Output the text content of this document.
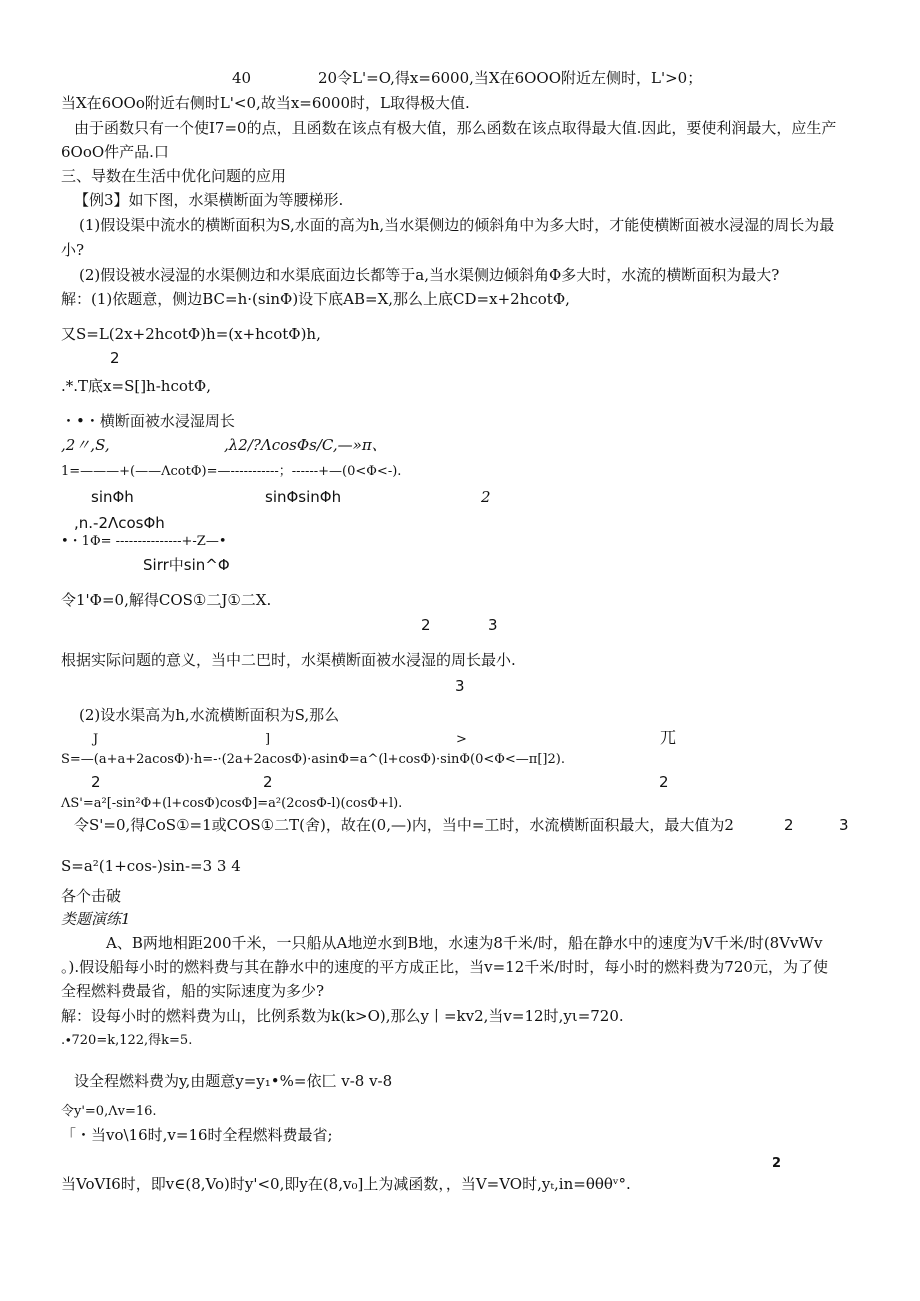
40	20令L'=O,得x=6000,当X在6OOO附近左侧时，L'>0；
当X在6OOo附近右侧时L'<0,故当x=6000时，L取得极大值.
由于函数只有一个使I7=0的点，且函数在该点有极大值，那么函数在该点取得最大值.因此，要使利润最大，应生产
6OoO件产品.口
三、导数在生活中优化问题的应用
【例3】如下图，水渠横断面为等腰梯形.
(1)假设渠中流水的横断面积为S,水面的高为h,当水渠侧边的倾斜角中为多大时，才能使横断面被水浸湿的周长为最
小?
(2)假设被水浸湿的水渠侧边和水渠底面边长都等于a,当水渠侧边倾斜角Φ多大时，水流的横断面积为最大?
解：(1)依题意，侧边BC=h·(sinΦ)设下底AB=X,那么上底CD=x+2hcotΦ,
又S=L(2x+2hcotΦ)h=(x+hcotΦ)h,
2
.*.T底x=S[]h-hcotΦ,
・•・横断面被水浸湿周长
,2〃,S,	,λ2∕?ΛcosΦs/C,—»π、
1=———+(——ΛcotΦ)=—-----------；------+—(0<Φ<-).
sinΦh	sinΦsinΦh	2
,n.-2ΛcosΦh
•・1Φ= ---------------+-Z—•
Sirr中sin^Φ
令1'Φ=0,解得COS①二J①二X.
2	3
根据实际问题的意义，当中二巴时，水渠横断面被水浸湿的周长最小.
3
(2)设水渠高为h,水流横断面积为S,那么
J	]	>	兀
S=—(a+a+2acosΦ)·h=-·(2a+2acosΦ)·asinΦ=a^(l+cosΦ)·sinΦ(0<Φ<—π[]2).
2	2	2
ΛS'=a²[-sin²Φ+(l+cosΦ)cosΦ]=a²(2cosΦ-l)(cosΦ+l).
令S'=0,得CoS①=1或COS①二T(舍)，故在(0,—)内，当中=工时，水流横断面积最大，最大值为2	2	3
S=a²(1+cos-)sin-=3 3 4
各个击破
类题演练1
A、B两地相距200千米，一只船从A地逆水到B地，水速为8千米/时，船在静水中的速度为V千米/时(8VvWv
。).假设船每小时的燃料费与其在静水中的速度的平方成正比，当v=12千米/时时，每小时的燃料费为720元，为了使
全程燃料费最省，船的实际速度为多少?
解：设每小时的燃料费为山，比例系数为k(k>O),那么y丨=kv2,当v=12时,yι=720.
.∙720=k,122,得k=5.
设全程燃料费为y,由题意y=y₁•%=依匚 v-8 v-8
令y'=0,Λv=16.
「・当vo\16时,v=16时全程燃料费最省;
2
当VoVI6时，即v∈(8,Vo)时y'<0,即y在(8,v₀]上为减函数，，当V=VO时,yₜ,in=θθθᵛ°.
